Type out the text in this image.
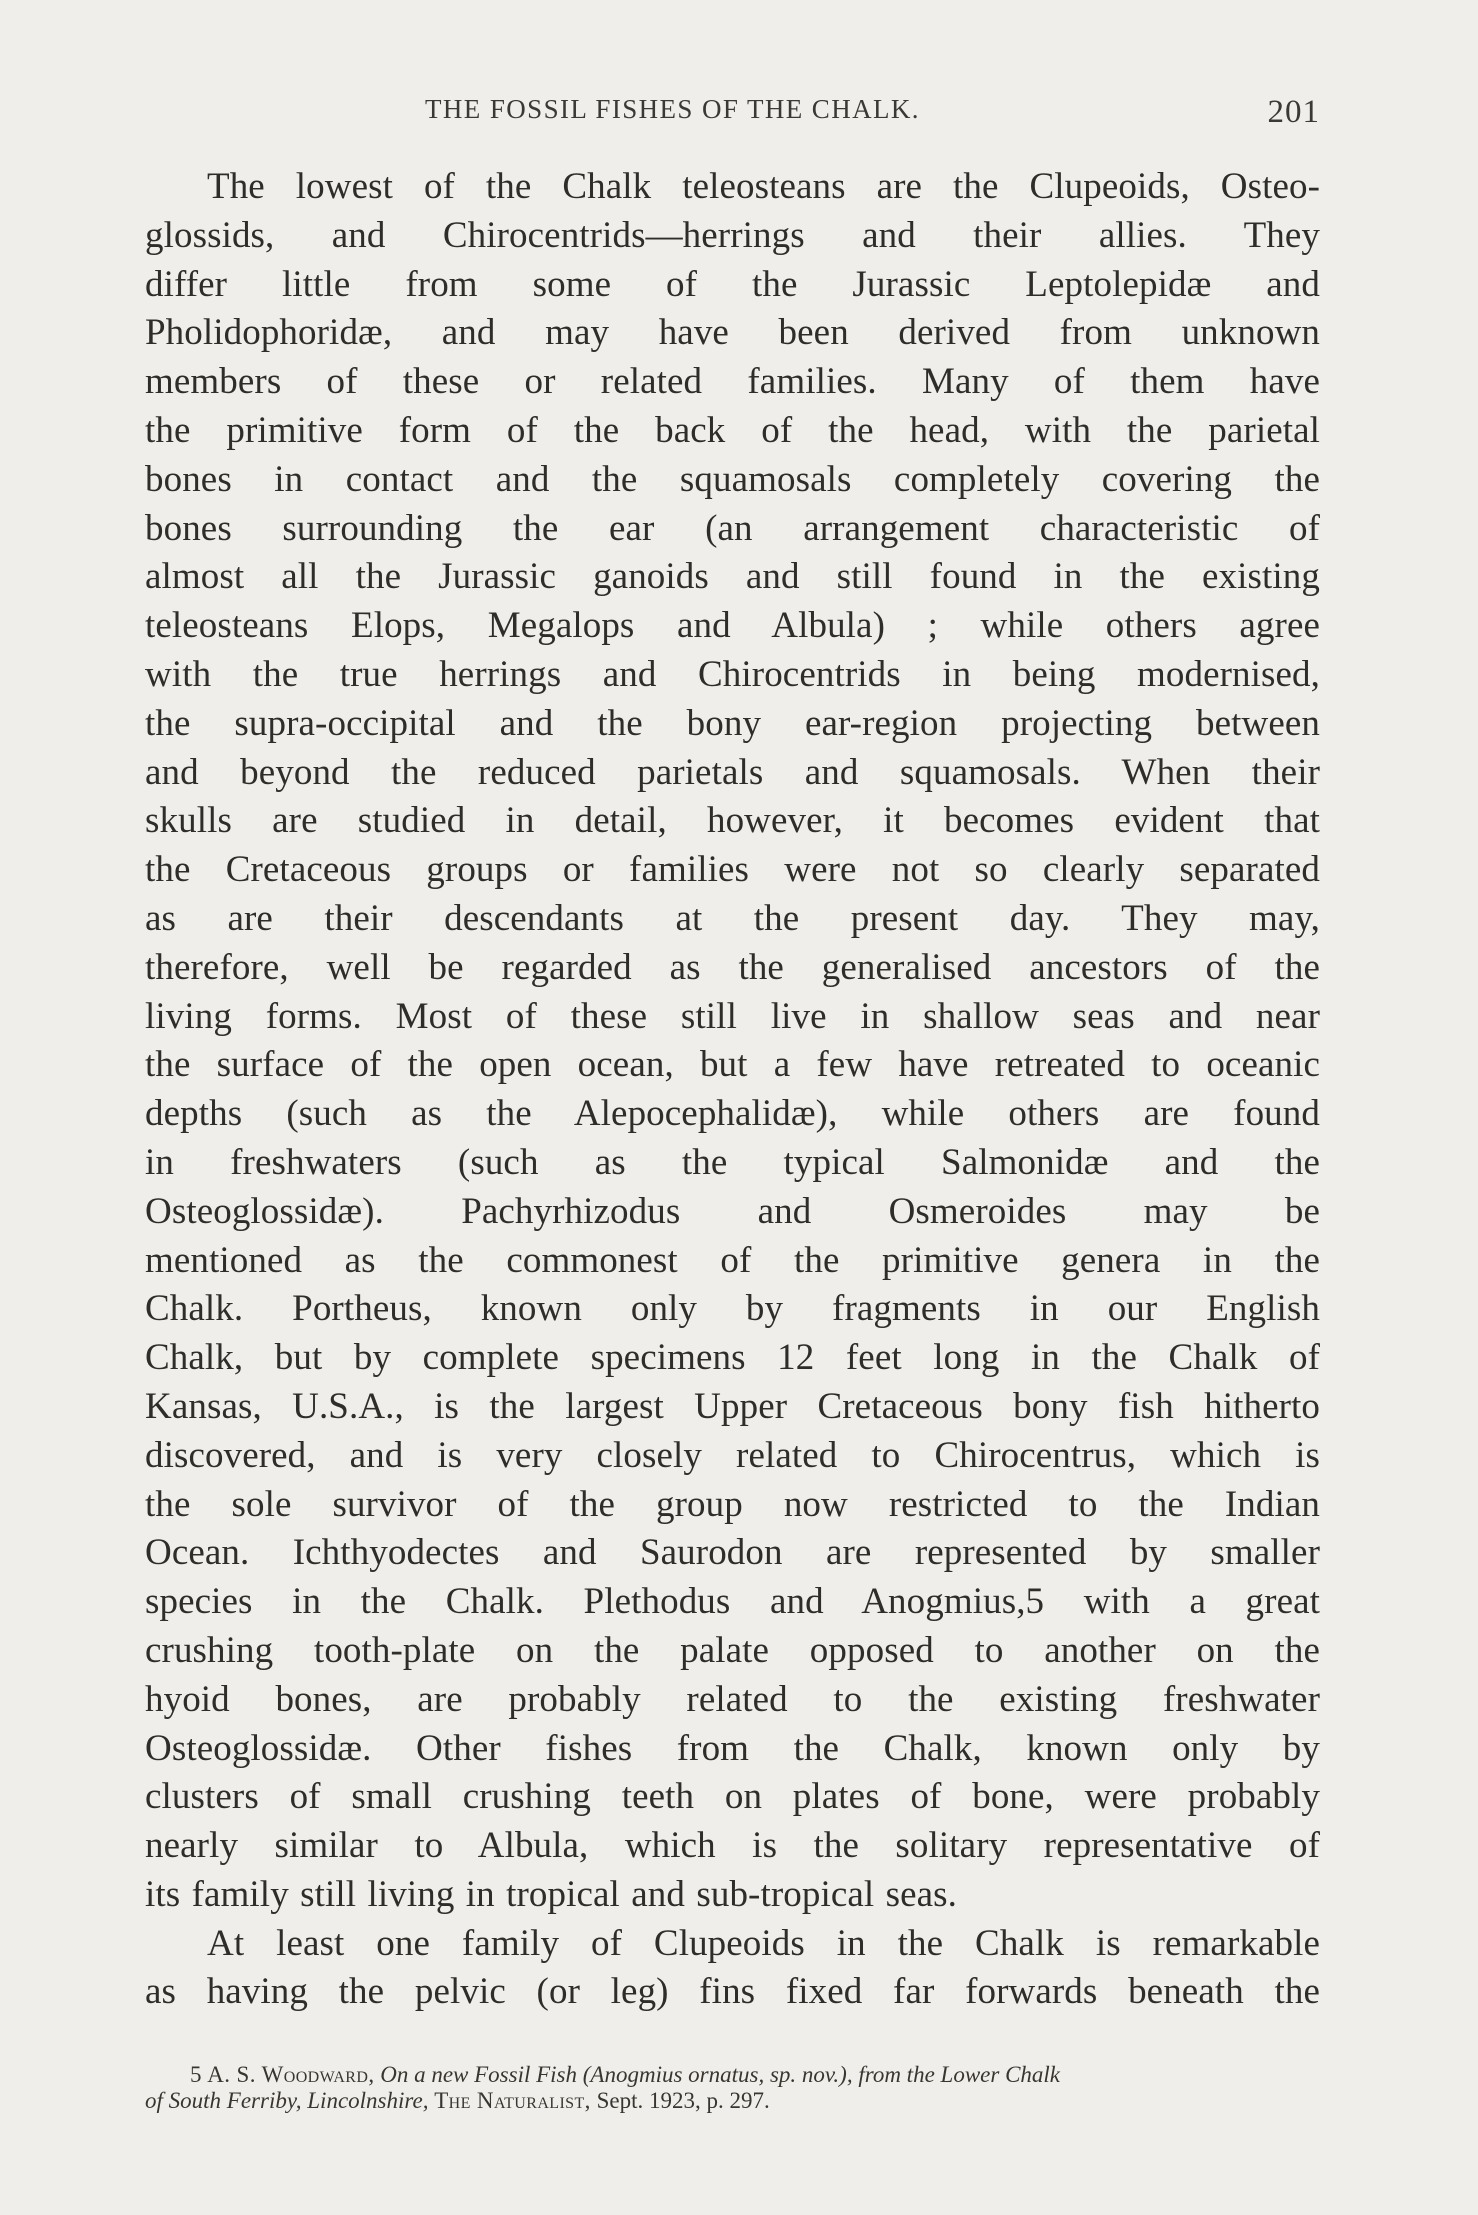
THE FOSSIL FISHES OF THE CHALK.	201
The lowest of the Chalk teleosteans are the Clupeoids, Osteo-
glossids, and Chirocentrids—herrings and their allies. They
differ little from some of the Jurassic Leptolepidæ and
Pholidophoridæ, and may have been derived from unknown
members of these or related families. Many of them have
the primitive form of the back of the head, with the parietal
bones in contact and the squamosals completely covering the
bones surrounding the ear (an arrangement characteristic of
almost all the Jurassic ganoids and still found in the existing
teleosteans Elops, Megalops and Albula) ; while others agree
with the true herrings and Chirocentrids in being modernised,
the supra-occipital and the bony ear-region projecting between
and beyond the reduced parietals and squamosals. When their
skulls are studied in detail, however, it becomes evident that
the Cretaceous groups or families were not so clearly separated
as are their descendants at the present day. They may,
therefore, well be regarded as the generalised ancestors of the
living forms. Most of these still live in shallow seas and near
the surface of the open ocean, but a few have retreated to oceanic
depths (such as the Alepocephalidæ), while others are found
in freshwaters (such as the typical Salmonidæ and the
Osteoglossidæ). Pachyrhizodus and Osmeroides may be
mentioned as the commonest of the primitive genera in the
Chalk. Portheus, known only by fragments in our English
Chalk, but by complete specimens 12 feet long in the Chalk of
Kansas, U.S.A., is the largest Upper Cretaceous bony fish hitherto
discovered, and is very closely related to Chirocentrus, which is
the sole survivor of the group now restricted to the Indian
Ocean. Ichthyodectes and Saurodon are represented by smaller
species in the Chalk. Plethodus and Anogmius,5 with a great
crushing tooth-plate on the palate opposed to another on the
hyoid bones, are probably related to the existing freshwater
Osteoglossidæ. Other fishes from the Chalk, known only by
clusters of small crushing teeth on plates of bone, were probably
nearly similar to Albula, which is the solitary representative of
its family still living in tropical and sub-tropical seas.
At least one family of Clupeoids in the Chalk is remarkable
as having the pelvic (or leg) fins fixed far forwards beneath the
5 A. S. Woodward, On a new Fossil Fish (Anogmius ornatus, sp. nov.), from the Lower Chalk
of South Ferriby, Lincolnshire, The Naturalist, Sept. 1923, p. 297.
